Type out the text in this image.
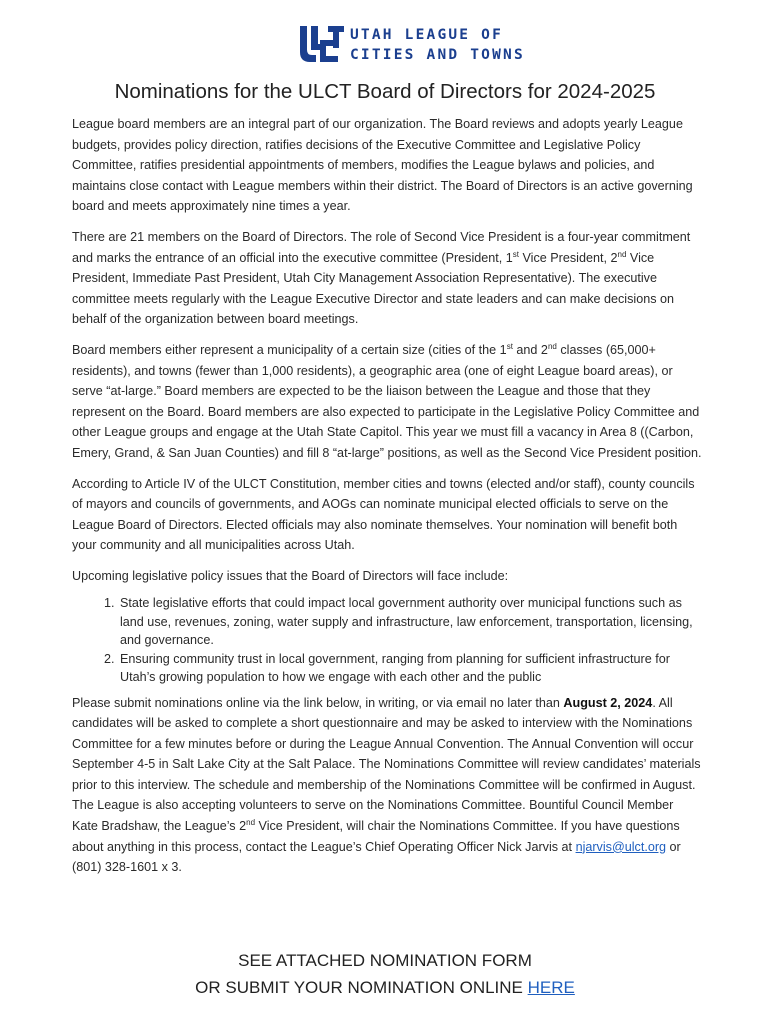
UTAH LEAGUE OF
CITIES AND TOWNS
Nominations for the ULCT Board of Directors for 2024-2025

League board members are an integral part of our organization. The Board reviews and adopts yearly League budgets, provides policy direction, ratifies decisions of the Executive Committee and Legislative Policy Committee, ratifies presidential appointments of members, modifies the League bylaws and policies, and maintains close contact with League members within their district. The Board of Directors is an active governing board and meets approximately nine times a year.

There are 21 members on the Board of Directors. The role of Second Vice President is a four-year commitment and marks the entrance of an official into the executive committee (President, 1st Vice President, 2nd Vice President, Immediate Past President, Utah City Management Association Representative). The executive committee meets regularly with the League Executive Director and state leaders and can make decisions on behalf of the organization between board meetings.

Board members either represent a municipality of a certain size (cities of the 1st and 2nd classes (65,000+ residents), and towns (fewer than 1,000 residents), a geographic area (one of eight League board areas), or serve “at-large.” Board members are expected to be the liaison between the League and those that they represent on the Board. Board members are also expected to participate in the Legislative Policy Committee and other League groups and engage at the Utah State Capitol. This year we must fill a vacancy in Area 8 ((Carbon, Emery, Grand, & San Juan Counties) and fill 8 “at-large” positions, as well as the Second Vice President position.

According to Article IV of the ULCT Constitution, member cities and towns (elected and/or staff), county councils of mayors and councils of governments, and AOGs can nominate municipal elected officials to serve on the League Board of Directors. Elected officials may also nominate themselves. Your nomination will benefit both your community and all municipalities across Utah.

Upcoming legislative policy issues that the Board of Directors will face include:

1. State legislative efforts that could impact local government authority over municipal functions such as land use, revenues, zoning, water supply and infrastructure, law enforcement, transportation, licensing, and governance.
2. Ensuring community trust in local government, ranging from planning for sufficient infrastructure for Utah’s growing population to how we engage with each other and the public

Please submit nominations online via the link below, in writing, or via email no later than August 2, 2024. All candidates will be asked to complete a short questionnaire and may be asked to interview with the Nominations Committee for a few minutes before or during the League Annual Convention. The Annual Convention will occur September 4-5 in Salt Lake City at the Salt Palace. The Nominations Committee will review candidates’ materials prior to this interview. The schedule and membership of the Nominations Committee will be confirmed in August. The League is also accepting volunteers to serve on the Nominations Committee. Bountiful Council Member Kate Bradshaw, the League’s 2nd Vice President, will chair the Nominations Committee. If you have questions about anything in this process, contact the League’s Chief Operating Officer Nick Jarvis at njarvis@ulct.org or (801) 328-1601 x 3.

SEE ATTACHED NOMINATION FORM
OR SUBMIT YOUR NOMINATION ONLINE HERE
